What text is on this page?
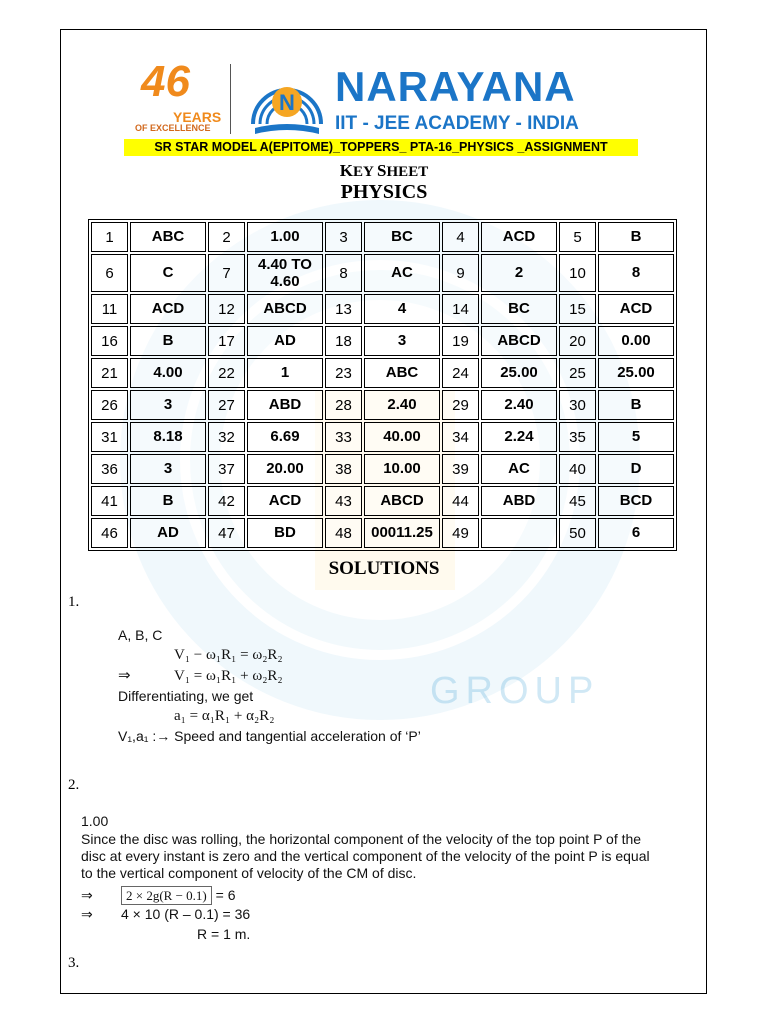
GROUP
46
YEARS
OF EXCELLENCE
N NARAYANA
IIT - JEE ACADEMY - INDIA
SR STAR MODEL A(EPITOME)_TOPPERS_ PTA-16_PHYSICS _ASSIGNMENT
KEY SHEET
PHYSICS
1	ABC	2	1.00	3	BC	4	ACD	5	B
6	C	7	4.40 TO 4.60	8	AC	9	2	10	8
11	ACD	12	ABCD	13	4	14	BC	15	ACD
16	B	17	AD	18	3	19	ABCD	20	0.00
21	4.00	22	1	23	ABC	24	25.00	25	25.00
26	3	27	ABD	28	2.40	29	2.40	30	B
31	8.18	32	6.69	33	40.00	34	2.24	35	5
36	3	37	20.00	38	10.00	39	AC	40	D
41	B	42	ACD	43	ABCD	44	ABD	45	BCD
46	AD	47	BD	48	00011.25	49		50	6
SOLUTIONS
1.
A, B, C
V₁ − ω₁R₁ = ω₂R₂
⇒	V₁ = ω₁R₁ + ω₂R₂
Differentiating, we get
a₁ = α₁R₁ + α₂R₂
V₁,a₁ :→ Speed and tangential acceleration of ‘P’
2.
1.00
Since the disc was rolling, the horizontal component of the velocity of the top point P of the disc at every instant is zero and the vertical component of the velocity of the point P is equal to the vertical component of velocity of the CM of disc.
⇒	2 × 2g(R − 0.1) = 6
⇒ 4 × 10 (R – 0.1) = 36
R = 1 m.
3.
